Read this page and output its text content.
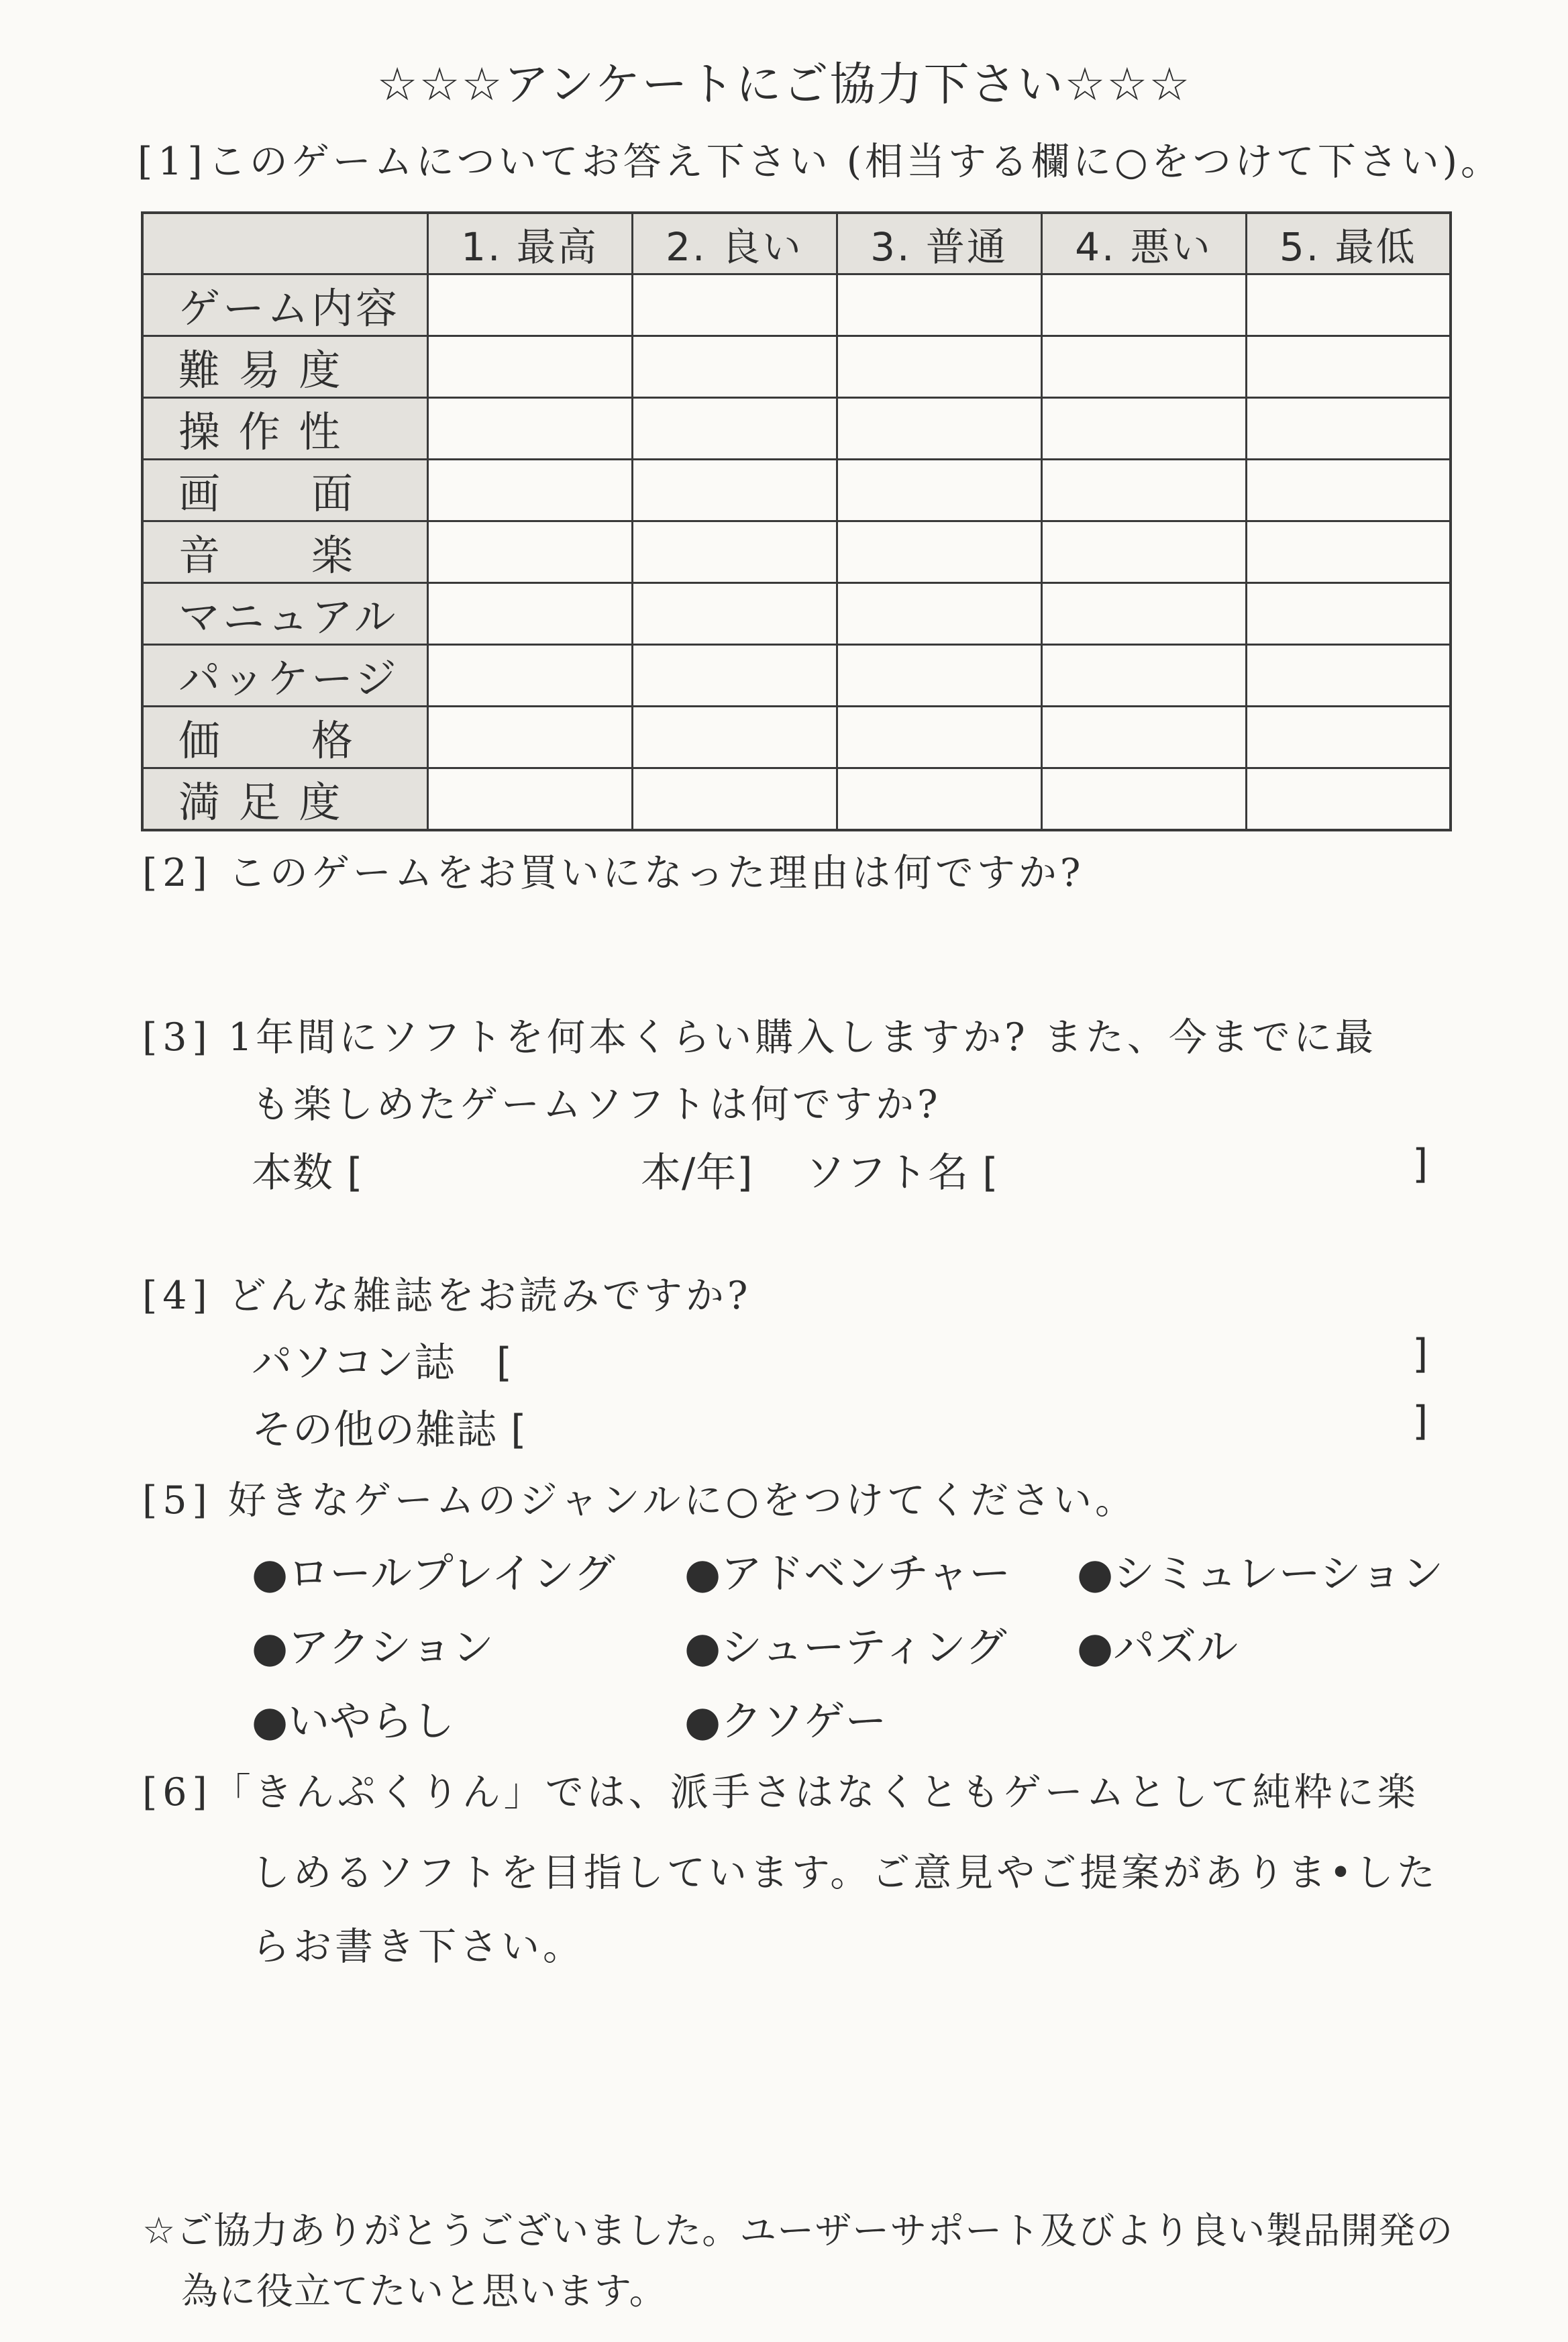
☆☆☆アンケートにご協力下さい☆☆☆
[1]このゲームについてお答え下さい (相当する欄に○をつけて下さい)。
	1. 最高	2. 良い	3. 普通	4. 悪い	5. 最低
ゲーム内容					
難 易 度					
操 作 性					
画　　面					
音　　楽					
マニュアル					
パッケージ					
価　　格					
満 足 度					
[2] このゲームをお買いになった理由は何ですか?
[3] 1年間にソフトを何本くらい購入しますか? また、今までに最
も楽しめたゲームソフトは何ですか?
本数 [	本/年] ソフト名 [	]
[4] どんな雑誌をお読みですか?
パソコン誌　[	]
その他の雑誌 [	]
[5] 好きなゲームのジャンルに○をつけてください。
●ロールプレイング ●アドベンチャー ●シミュレーション
●アクション	●シューティング ●パズル
●いやらし	●クソゲー
[6]「きんぷくりん」では、派手さはなくともゲームとして純粋に楽
しめるソフトを目指しています。ご意見やご提案がありま•した
らお書き下さい。
☆ご協力ありがとうございました。ユーザーサポート及びより良い製品開発の
為に役立てたいと思います。
